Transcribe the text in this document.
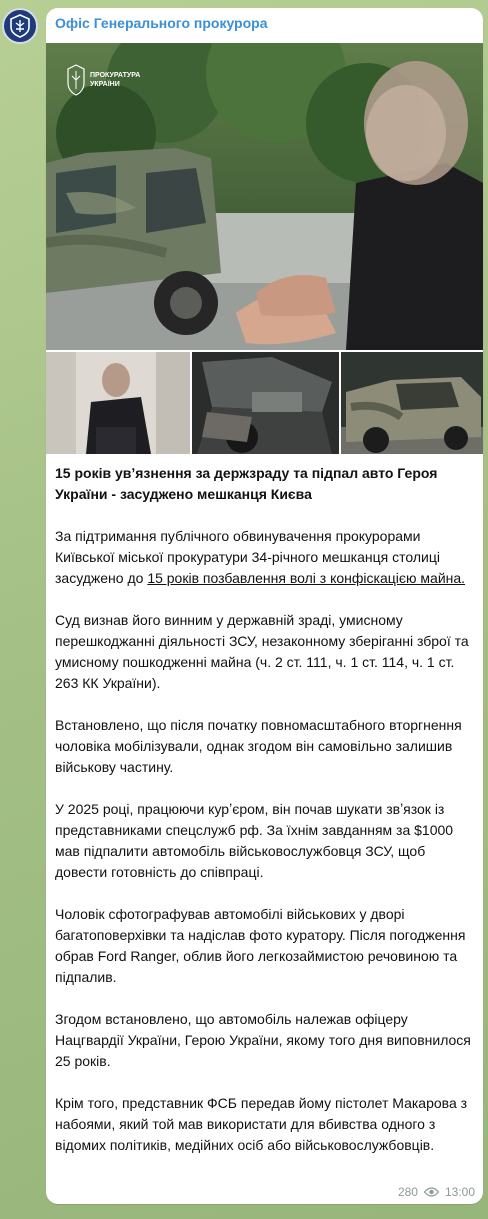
Офіс Генерального прокурора
ПРОКУРАТУРА
УКРАЇНИ

15 років увʼязнення за держзраду та підпал авто Героя України - засуджено мешканця Києва

За підтримання публічного обвинувачення прокурорами Київської міської прокуратури 34-річного мешканця столиці засуджено до 15 років позбавлення волі з конфіскацією майна.

Суд визнав його винним у державній зраді, умисному перешкоджанні діяльності ЗСУ, незаконному зберіганні зброї та умисному пошкодженні майна (ч. 2 ст. 111, ч. 1 ст. 114, ч. 1 ст. 263 КК України).

Встановлено, що після початку повномасштабного вторгнення чоловіка мобілізували, однак згодом він самовільно залишив військову частину.

У 2025 році, працюючи курʼєром, він почав шукати звʼязок із представниками спецслужб рф. За їхнім завданням за $1000 мав підпалити автомобіль військовослужбовця ЗСУ, щоб довести готовність до співпраці.

Чоловік сфотографував автомобілі військових у дворі багатоповерхівки та надіслав фото куратору. Після погодження обрав Ford Ranger, облив його легкозаймистою речовиною та підпалив.

Згодом встановлено, що автомобіль належав офіцеру Нацгвардії України, Герою України, якому того дня виповнилося 25 років.

Крім того, представник ФСБ передав йому пістолет Макарова з набоями, який той мав використати для вбивства одного з відомих політиків, медійних осіб або військовослужбовців.

280 13:00
